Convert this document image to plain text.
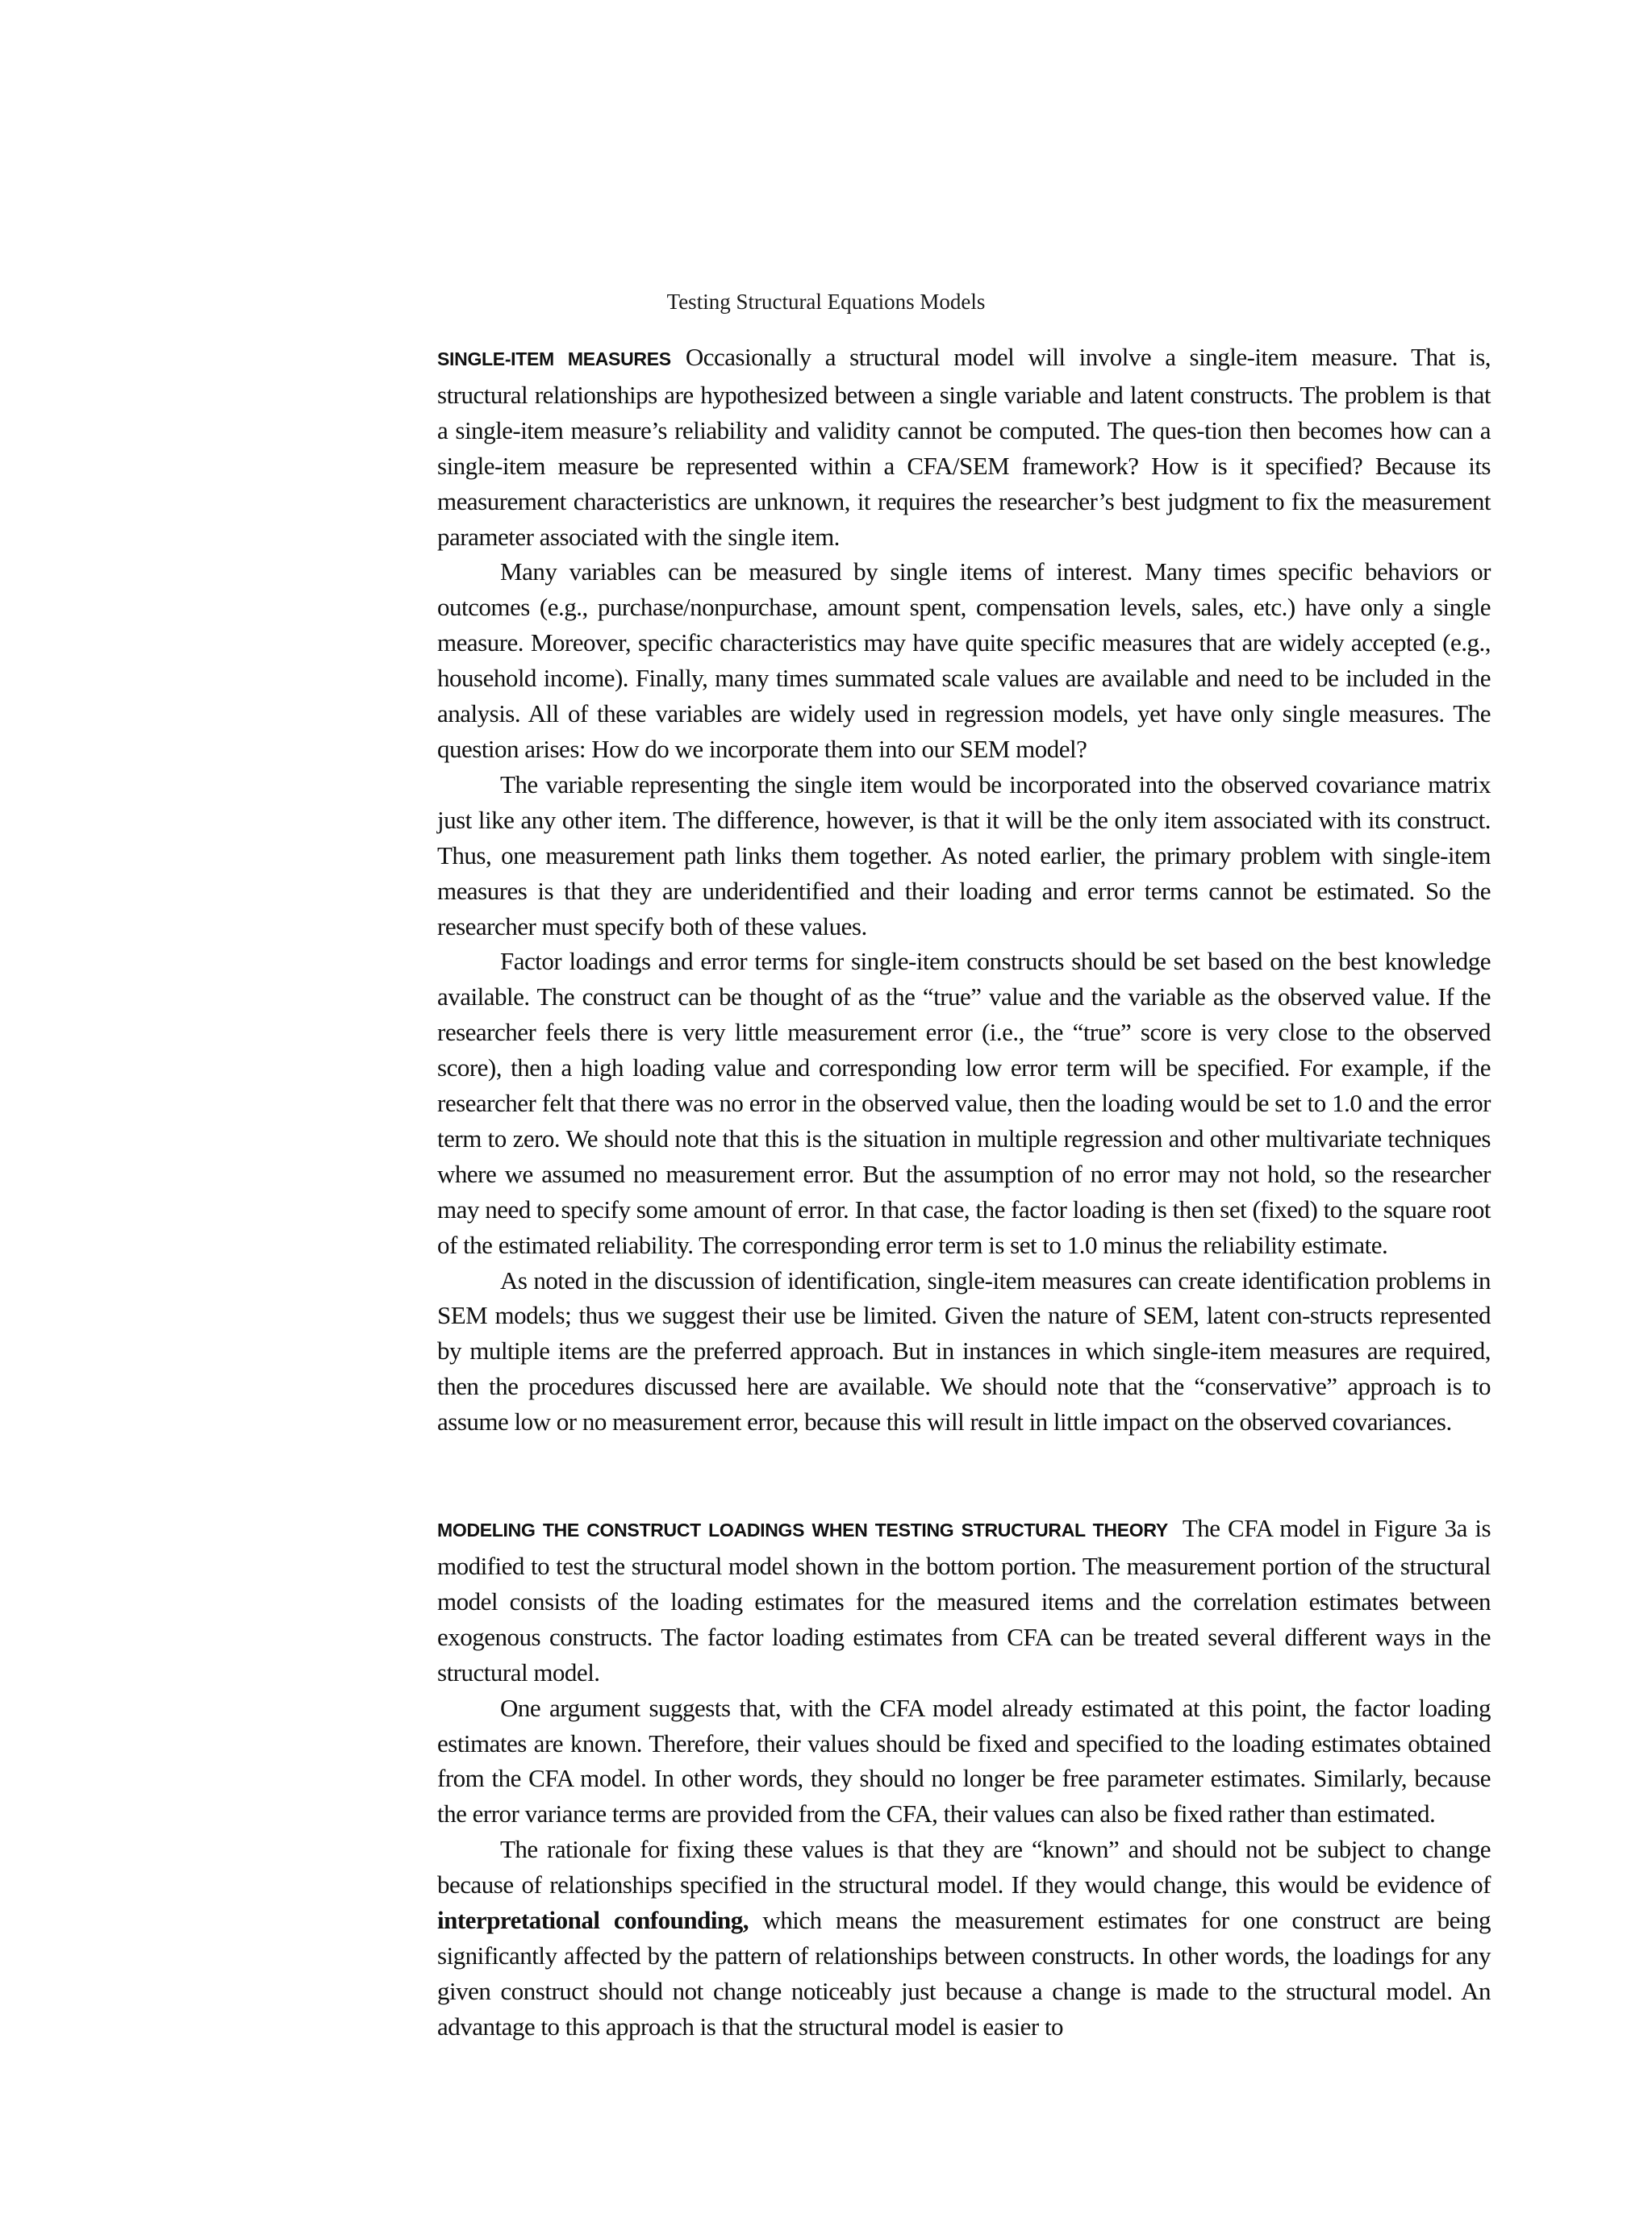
Testing Structural Equations Models

SINGLE-ITEM MEASURES Occasionally a structural model will involve a single-item measure. That is, structural relationships are hypothesized between a single variable and latent constructs. The problem is that a single-item measure’s reliability and validity cannot be computed. The ques-tion then becomes how can a single-item measure be represented within a CFA/SEM framework? How is it specified? Because its measurement characteristics are unknown, it requires the researcher’s best judgment to fix the measurement parameter associated with the single item.

Many variables can be measured by single items of interest. Many times specific behaviors or outcomes (e.g., purchase/nonpurchase, amount spent, compensation levels, sales, etc.) have only a single measure. Moreover, specific characteristics may have quite specific measures that are widely accepted (e.g., household income). Finally, many times summated scale values are available and need to be included in the analysis. All of these variables are widely used in regression models, yet have only single measures. The question arises: How do we incorporate them into our SEM model?

The variable representing the single item would be incorporated into the observed covariance matrix just like any other item. The difference, however, is that it will be the only item associated with its construct. Thus, one measurement path links them together. As noted earlier, the primary problem with single-item measures is that they are underidentified and their loading and error terms cannot be estimated. So the researcher must specify both of these values.

Factor loadings and error terms for single-item constructs should be set based on the best knowledge available. The construct can be thought of as the “true” value and the variable as the observed value. If the researcher feels there is very little measurement error (i.e., the “true” score is very close to the observed score), then a high loading value and corresponding low error term will be specified. For example, if the researcher felt that there was no error in the observed value, then the loading would be set to 1.0 and the error term to zero. We should note that this is the situation in multiple regression and other multivariate techniques where we assumed no measurement error. But the assumption of no error may not hold, so the researcher may need to specify some amount of error. In that case, the factor loading is then set (fixed) to the square root of the estimated reliability. The corresponding error term is set to 1.0 minus the reliability estimate.

As noted in the discussion of identification, single-item measures can create identification problems in SEM models; thus we suggest their use be limited. Given the nature of SEM, latent con-structs represented by multiple items are the preferred approach. But in instances in which single-item measures are required, then the procedures discussed here are available. We should note that the “conservative” approach is to assume low or no measurement error, because this will result in little impact on the observed covariances.

MODELING THE CONSTRUCT LOADINGS WHEN TESTING STRUCTURAL THEORY The CFA model in Figure 3a is modified to test the structural model shown in the bottom portion. The measurement portion of the structural model consists of the loading estimates for the measured items and the correlation estimates between exogenous constructs. The factor loading estimates from CFA can be treated several different ways in the structural model.

One argument suggests that, with the CFA model already estimated at this point, the factor loading estimates are known. Therefore, their values should be fixed and specified to the loading estimates obtained from the CFA model. In other words, they should no longer be free parameter estimates. Similarly, because the error variance terms are provided from the CFA, their values can also be fixed rather than estimated.

The rationale for fixing these values is that they are “known” and should not be subject to change because of relationships specified in the structural model. If they would change, this would be evidence of interpretational confounding, which means the measurement estimates for one construct are being significantly affected by the pattern of relationships between constructs. In other words, the loadings for any given construct should not change noticeably just because a change is made to the structural model. An advantage to this approach is that the structural model is easier to
